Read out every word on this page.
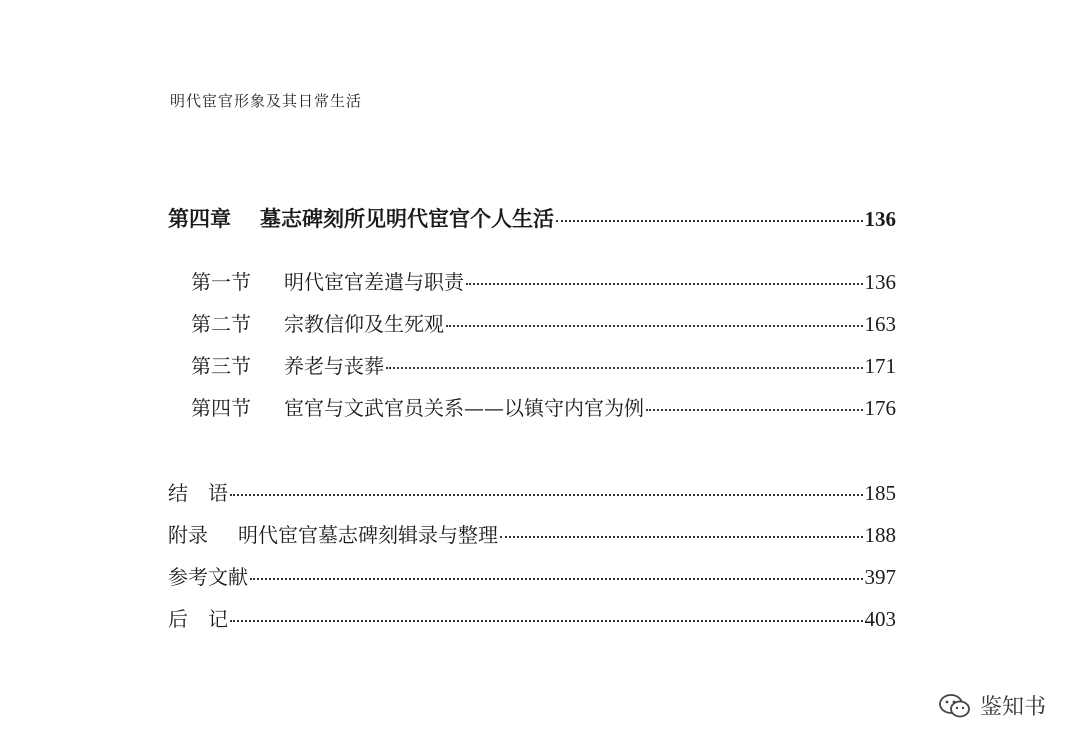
明代宦官形象及其日常生活
第四章	墓志碑刻所见明代宦官个人生活	136
第一节	明代宦官差遣与职责	136
第二节	宗教信仰及生死观	163
第三节	养老与丧葬	171
第四节	宦官与文武官员关系——以镇守内官为例	176
结　语	185
附录	明代宦官墓志碑刻辑录与整理	188
参考文献	397
后　记	403
鉴知书
